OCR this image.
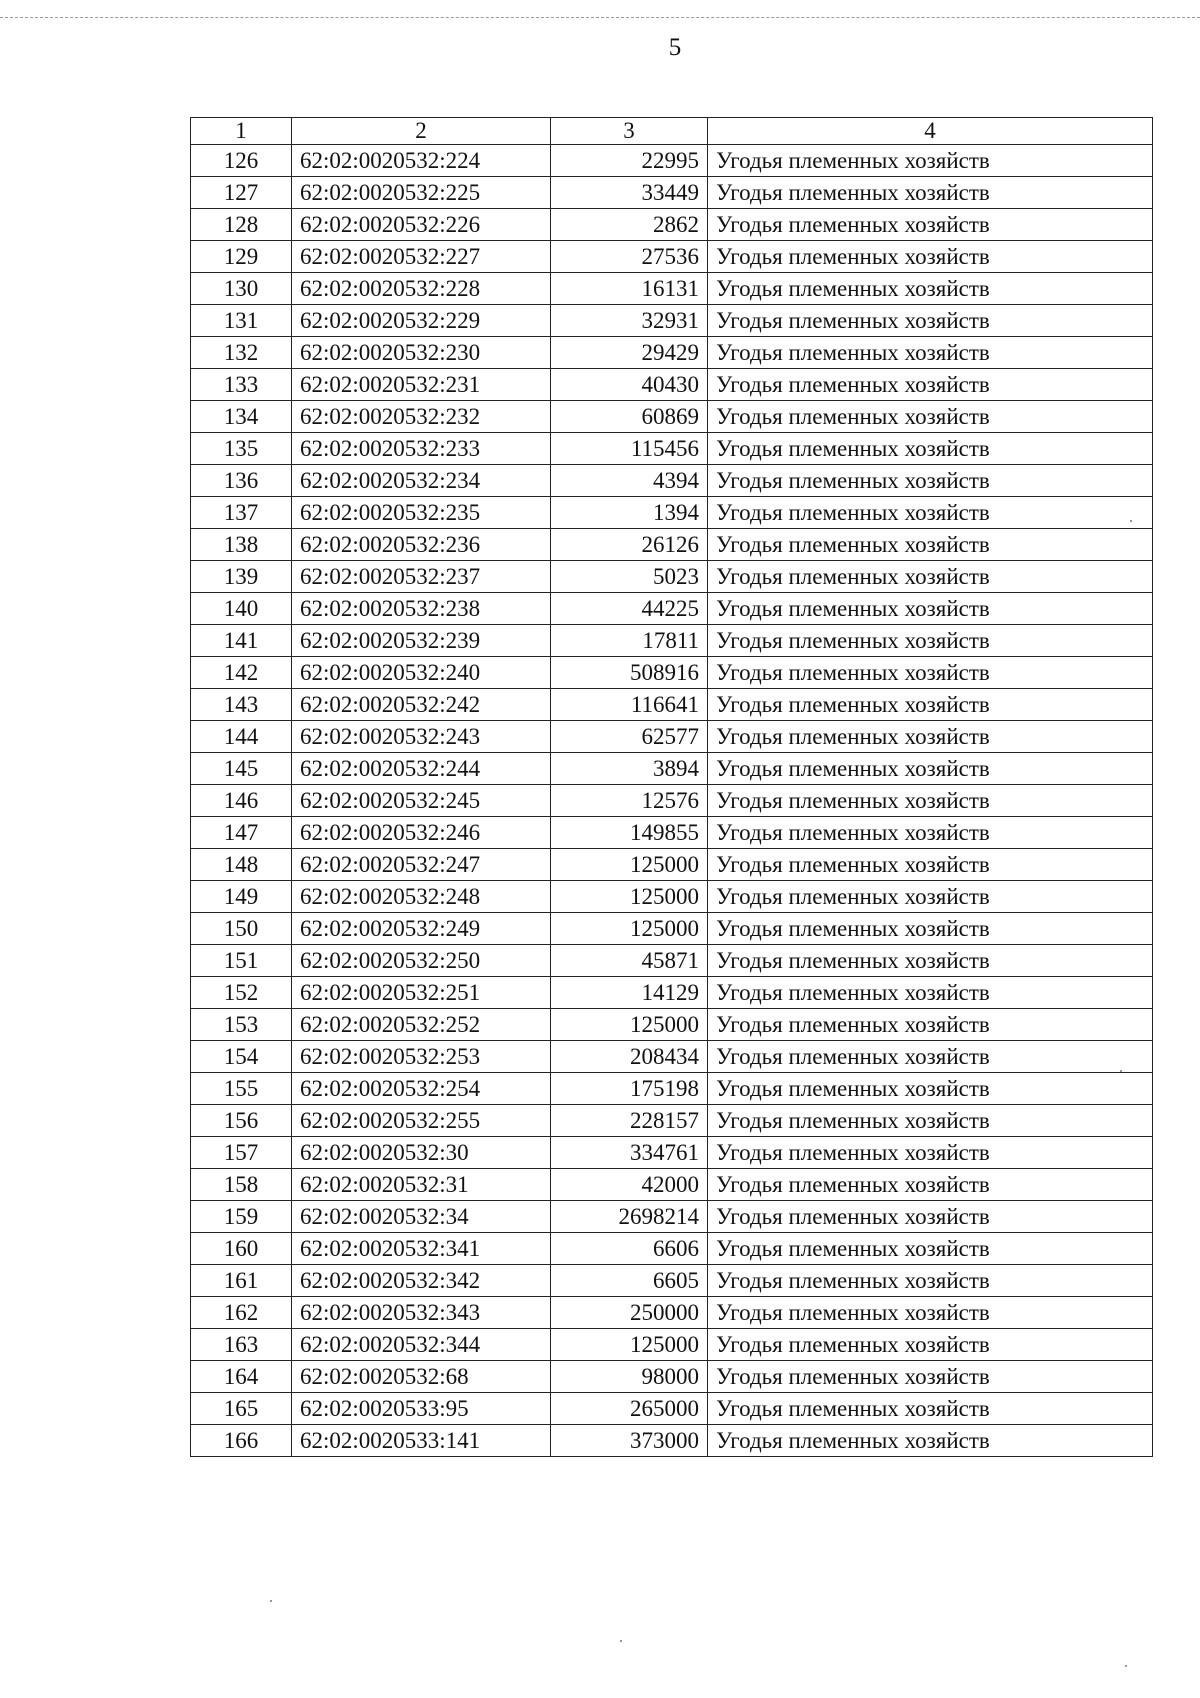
5
1	2	3	4
126	62:02:0020532:224	22995	Угодья племенных хозяйств
127	62:02:0020532:225	33449	Угодья племенных хозяйств
128	62:02:0020532:226	2862	Угодья племенных хозяйств
129	62:02:0020532:227	27536	Угодья племенных хозяйств
130	62:02:0020532:228	16131	Угодья племенных хозяйств
131	62:02:0020532:229	32931	Угодья племенных хозяйств
132	62:02:0020532:230	29429	Угодья племенных хозяйств
133	62:02:0020532:231	40430	Угодья племенных хозяйств
134	62:02:0020532:232	60869	Угодья племенных хозяйств
135	62:02:0020532:233	115456	Угодья племенных хозяйств
136	62:02:0020532:234	4394	Угодья племенных хозяйств
137	62:02:0020532:235	1394	Угодья племенных хозяйств
138	62:02:0020532:236	26126	Угодья племенных хозяйств
139	62:02:0020532:237	5023	Угодья племенных хозяйств
140	62:02:0020532:238	44225	Угодья племенных хозяйств
141	62:02:0020532:239	17811	Угодья племенных хозяйств
142	62:02:0020532:240	508916	Угодья племенных хозяйств
143	62:02:0020532:242	116641	Угодья племенных хозяйств
144	62:02:0020532:243	62577	Угодья племенных хозяйств
145	62:02:0020532:244	3894	Угодья племенных хозяйств
146	62:02:0020532:245	12576	Угодья племенных хозяйств
147	62:02:0020532:246	149855	Угодья племенных хозяйств
148	62:02:0020532:247	125000	Угодья племенных хозяйств
149	62:02:0020532:248	125000	Угодья племенных хозяйств
150	62:02:0020532:249	125000	Угодья племенных хозяйств
151	62:02:0020532:250	45871	Угодья племенных хозяйств
152	62:02:0020532:251	14129	Угодья племенных хозяйств
153	62:02:0020532:252	125000	Угодья племенных хозяйств
154	62:02:0020532:253	208434	Угодья племенных хозяйств
155	62:02:0020532:254	175198	Угодья племенных хозяйств
156	62:02:0020532:255	228157	Угодья племенных хозяйств
157	62:02:0020532:30	334761	Угодья племенных хозяйств
158	62:02:0020532:31	42000	Угодья племенных хозяйств
159	62:02:0020532:34	2698214	Угодья племенных хозяйств
160	62:02:0020532:341	6606	Угодья племенных хозяйств
161	62:02:0020532:342	6605	Угодья племенных хозяйств
162	62:02:0020532:343	250000	Угодья племенных хозяйств
163	62:02:0020532:344	125000	Угодья племенных хозяйств
164	62:02:0020532:68	98000	Угодья племенных хозяйств
165	62:02:0020533:95	265000	Угодья племенных хозяйств
166	62:02:0020533:141	373000	Угодья племенных хозяйств
